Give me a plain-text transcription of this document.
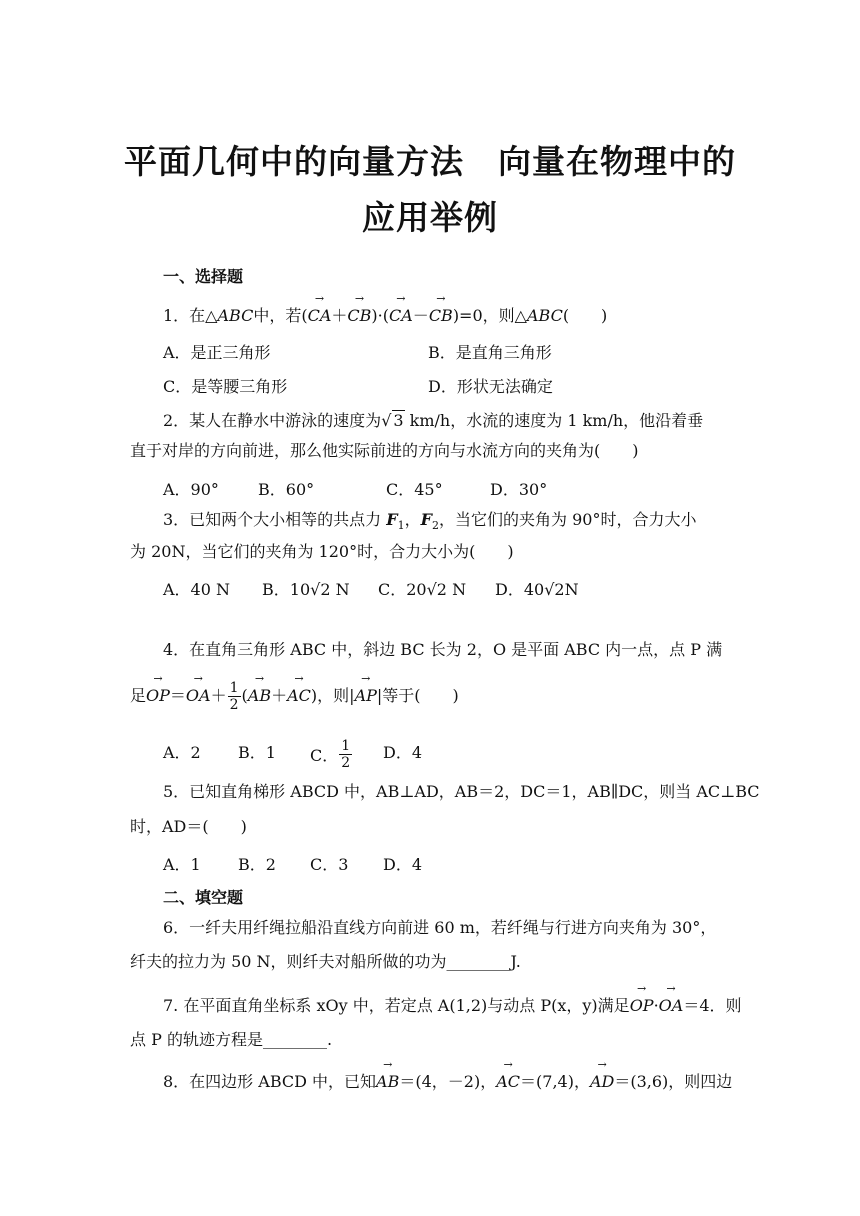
平面几何中的向量方法　向量在物理中的
应用举例
一、选择题
1．在△ABC中，若(→ CA＋→ CB)·(→ CA－→ CB)=0，则△ABC(　　)
A．是正三角形	B．是直角三角形
C．是等腰三角形	D．形状无法确定
2．某人在静水中游泳的速度为√ 3 km/h，水流的速度为 1 km/h，他沿着垂
直于对岸的方向前进，那么他实际前进的方向与水流方向的夹角为(　　)
A．90° B．60°	C．45°	D．30°
3．已知两个大小相等的共点力 $F_1$，$F_2$，当它们的夹角为 90°时，合力大小
为 20N，当它们的夹角为 120°时，合力大小为(　　)
A．40 N B．10√2 N C．20√2 N D．40√2N
4．在直角三角形 ABC 中，斜边 BC 长为 2，O 是平面 ABC 内一点，点 P 满
足→ $OP=\to OA+ \frac{1}{2}$ (→ AB＋→ AC)，则|→ AP|等于(　　)
A．2 B．1 C． $\frac{1}{2}$ D．4
5．已知直角梯形 ABCD 中，AB⊥AD，AB＝2，DC＝1，AB∥DC，则当 AC⊥BC
时，AD＝(　　)
A．1 B．2 C．3 D．4
二、填空题
6．一纤夫用纤绳拉船沿直线方向前进 60 m，若纤绳与行进方向夹角为 30°，
纤夫的拉力为 50 N，则纤夫对船所做的功为________J.
7. 在平面直角坐标系 xOy 中，若定点 A(1,2)与动点 P(x，y)满足→ OP·→ OA＝4．则
点 P 的轨迹方程是________.
8．在四边形 ABCD 中，已知→ AB＝(4，－2)，→ AC＝(7,4)，→ AD＝(3,6)，则四边
